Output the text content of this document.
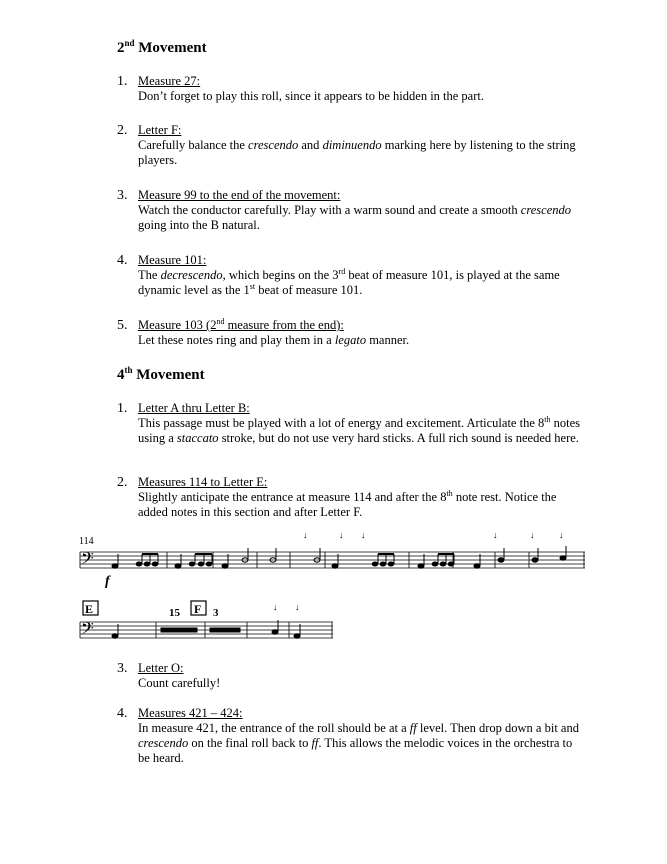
2nd Movement
1. Measure 27:
Don’t forget to play this roll, since it appears to be hidden in the part.
2. Letter F:
Carefully balance the crescendo and diminuendo marking here by listening to the string players.
3. Measure 99 to the end of the movement:
Watch the conductor carefully. Play with a warm sound and create a smooth crescendo going into the B natural.
4. Measure 101:
The decrescendo, which begins on the 3rd beat of measure 101, is played at the same dynamic level as the 1st beat of measure 101.
5. Measure 103 (2nd measure from the end):
Let these notes ring and play them in a legato manner.
4th Movement
1. Letter A thru Letter B:
This passage must be played with a lot of energy and excitement. Articulate the 8th notes using a staccato stroke, but do not use very hard sticks. A full rich sound is needed here.
2. Measures 114 to Letter E:
Slightly anticipate the entrance at measure 114 and after the 8th note rest. Notice the added notes in this section and after Letter F.
114
𝄢
f
↓	↓ ↓	↓	↓	↓
E	F
15	3
𝄢
↓ ↓
3. Letter O:
Count carefully!
4. Measures 421 – 424:
In measure 421, the entrance of the roll should be at a ff level. Then drop down a bit and crescendo on the final roll back to ff. This allows the melodic voices in the orchestra to be heard.
